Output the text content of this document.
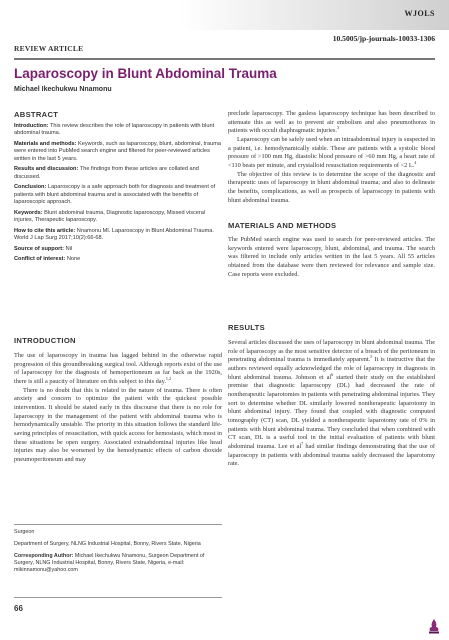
WJOLS
10.5005/jp-journals-10033-1306
REVIEW ARTICLE
Laparoscopy in Blunt Abdominal Trauma
Michael Ikechukwu Nnamonu
ABSTRACT

Introduction: This review describes the role of laparoscopy in patients with blunt abdominal trauma.

Materials and methods: Keywords, such as laparoscopy, blunt, abdominal, trauma were entered into PubMed search engine and filtered for peer-reviewed articles written in the last 5 years.

Results and discussion: The findings from these articles are collated and discussed.

Conclusion: Laparoscopy is a safe approach both for diagnosis and treatment of patients with blunt abdominal trauma and is associated with the benefits of laparoscopic approach.

Keywords: Blunt abdominal trauma, Diagnostic laparoscopy, Missed visceral injuries, Therapeutic laparoscopy.

How to cite this article: Nnamonu MI. Laparoscopy in Blunt Abdominal Trauma. World J Lap Surg 2017;10(2):66-68.

Source of support: Nil

Conflict of interest: None

INTRODUCTION

The use of laparoscopy in trauma has lagged behind in the otherwise rapid progression of this groundbreaking surgical tool. Although reports exist of the use of laparoscopy for the diagnosis of hemoperitoneum as far back as the 1920s, there is still a paucity of literature on this subject to this day.$^{1,2}$

There is no doubt that this is related to the nature of trauma. There is often anxiety and concern to optimize the patient with the quickest possible intervention. It should be stated early in this discourse that there is no role for laparoscopy in the management of the patient with abdominal trauma who is hemodynamically unstable. The priority in this situation follows the standard life-saving principles of resuscitation, with quick access for hemostasis, which most in these situations be open surgery. Associated extraabdominal injuries like head injuries may also be worsened by the hemodynamic effects of carbon dioxide pneumoperitoneum and may

preclude laparoscopy. The gasless laparoscopy technique has been described to attenuate this as well as to prevent air embolism and also pneumothorax in patients with occult diaphragmatic injuries.$^3$

Laparoscopy can be safely used when an intraabdominal injury is suspected in a patient, i.e. hemodynamically stable. These are patients with a systolic blood pressure of >100 mm Hg, diastolic blood pressure of >60 mm Hg, a heart rate of <110 beats per minute, and crystalloid resuscitation requirements of <2 L.$^4$

The objective of this review is to determine the scope of the diagnostic and therapeutic uses of laparoscopy in blunt abdominal trauma; and also to delineate the benefits, complications, as well as prospects of laparoscopy in patients with blunt abdominal trauma.

MATERIALS AND METHODS

The PubMed search engine was used to search for peer-reviewed articles. The keywords entered were laparoscopy, blunt, abdominal, and trauma. The search was filtered to include only articles written in the last 5 years. All 55 articles obtained from the database were then reviewed for relevance and sample size. Case reports were excluded.

RESULTS

Several articles discussed the uses of laparoscopy in blunt abdominal trauma. The role of laparoscopy as the most sensitive detector of a breach of the peritoneum in penetrating abdominal trauma is immediately apparent.$^5$ It is instructive that the authors reviewed equally acknowledged the role of laparoscopy in diagnosis in blunt abdominal trauma. Johnson et $al^6$ started their study on the established premise that diagnostic laparoscopy (DL) had decreased the rate of nontherapeutic laparotomies in patients with penetrating abdominal injuries. They sort to determine whether DL similarly lowered nontherapeutic laparotomy in blunt abdominal injury. They found that coupled with diagnostic computed tomography (CT) scan, DL yielded a nontherapeutic laparotomy rate of 0% in patients with blunt abdominal trauma. They concluded that when combined with CT scan, DL is a useful tool in the initial evaluation of patients with blunt abdominal trauma. Lee et $al^7$ had similar findings demonstrating that the use of laparoscopy in patients with abdominal trauma safely decreased the laparotomy rate.

Surgeon

Department of Surgery, NLNG Industrial Hospital, Bonny, Rivers State, Nigeria

Corresponding Author: Michael Ikechukwu Nnamonu, Surgeon Department of Surgery, NLNG Industrial Hospital, Bonny, Rivers State, Nigeria, e-mail: mikinnamonu@yahoo.com

66
